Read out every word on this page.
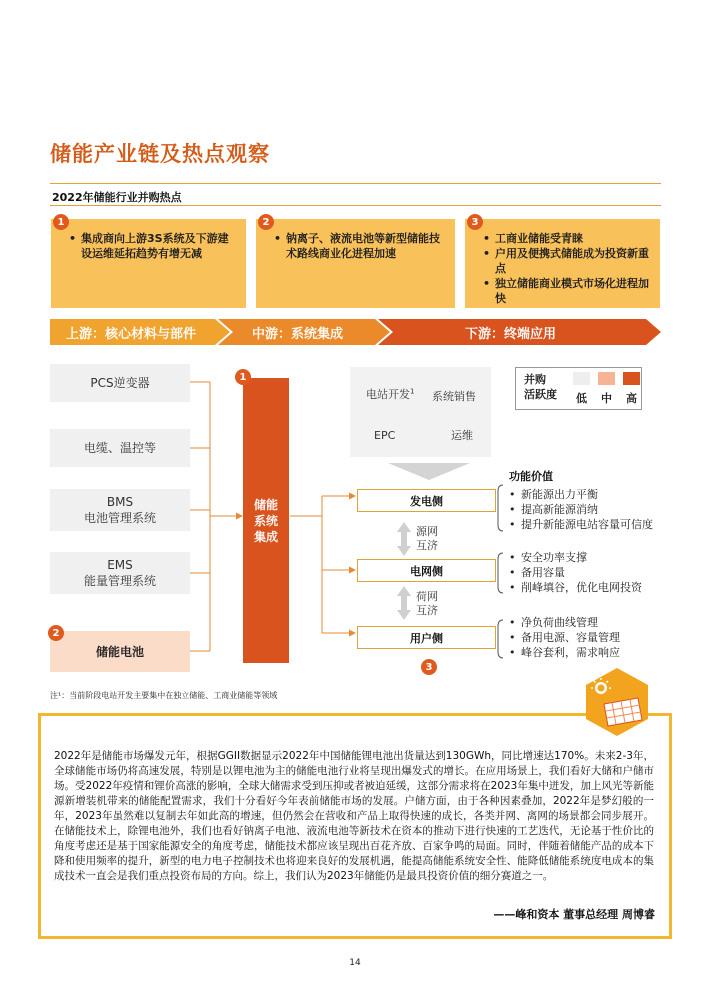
储能产业链及热点观察
2022年储能行业并购热点
• 集成商向上游3S系统及下游建设运维延拓趋势有增无减
1
• 钠离子、液流电池等新型储能技术路线商业化进程加速
2
• 工商业储能受青睐
• 户用及便携式储能成为投资新重点
• 独立储能商业模式市场化进程加快
3
上游：核心材料与部件	中游：系统集成	下游：终端应用
PCS逆变器
电缆、温控等
BMS
电池管理系统
EMS
能量管理系统
储能电池
2
储能
系统
集成
1
电站开发$^1$ 系统销售
EPC	运维
并购
活跃度 低 中 高
功能价值
发电侧
电网侧
用户侧
3
源网
互济
荷网
互济
• 新能源出力平衡
• 提高新能源消纳
• 提升新能源电站容量可信度
• 安全功率支撑
• 备用容量
• 削峰填谷，优化电网投资
• 净负荷曲线管理
• 备用电源、容量管理
• 峰谷套利，需求响应
注¹：当前阶段电站开发主要集中在独立储能、工商业储能等领域
2022年是储能市场爆发元年，根据GGII数据显示2022年中国储能锂电池出货量达到130GWh，同比增速达170%。未来2-3年，全球储能市场仍将高速发展，特别是以锂电池为主的储能电池行业将呈现出爆发式的增长。在应用场景上，我们看好大储和户储市场。受2022年疫情和锂价高涨的影响，全球大储需求受到压抑或者被迫延缓，这部分需求将在2023年集中迸发，加上风光等新能源新增装机带来的储能配置需求，我们十分看好今年表前储能市场的发展。户储方面，由于各种因素叠加，2022年是梦幻般的一年，2023年虽然难以复制去年如此高的增速，但仍然会在营收和产品上取得快速的成长，各类并网、离网的场景都会同步展开。在储能技术上，除锂电池外，我们也看好钠离子电池、液流电池等新技术在资本的推动下进行快速的工艺迭代，无论基于性价比的角度考虑还是基于国家能源安全的角度考虑，储能技术都应该呈现出百花齐放、百家争鸣的局面。同时，伴随着储能产品的成本下降和使用频率的提升，新型的电力电子控制技术也将迎来良好的发展机遇，能提高储能系统安全性、能降低储能系统度电成本的集成技术一直会是我们重点投资布局的方向。综上，我们认为2023年储能仍是最具投资价值的细分赛道之一。
——峰和资本 董事总经理 周博睿
14
